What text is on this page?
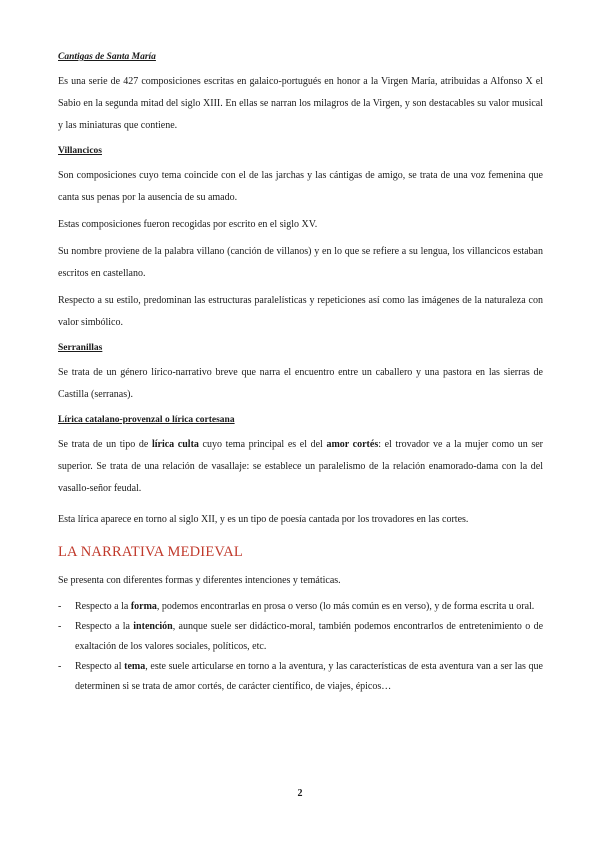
Cantigas de Santa María

Es una serie de 427 composiciones escritas en galaico-portugués en honor a la Virgen María, atribuidas a Alfonso X el Sabio en la segunda mitad del siglo XIII. En ellas se narran los milagros de la Virgen, y son destacables su valor musical y las miniaturas que contiene.

Villancicos

Son composiciones cuyo tema coincide con el de las jarchas y las cántigas de amigo, se trata de una voz femenina que canta sus penas por la ausencia de su amado.

Estas composiciones fueron recogidas por escrito en el siglo XV.

Su nombre proviene de la palabra villano (canción de villanos) y en lo que se refiere a su lengua, los villancicos estaban escritos en castellano.

Respecto a su estilo, predominan las estructuras paralelísticas y repeticiones así como las imágenes de la naturaleza con valor simbólico.

Serranillas

Se trata de un género lírico-narrativo breve que narra el encuentro entre un caballero y una pastora en las sierras de Castilla (serranas).

Lírica catalano-provenzal o lírica cortesana

Se trata de un tipo de lírica culta cuyo tema principal es el del amor cortés: el trovador ve a la mujer como un ser superior. Se trata de una relación de vasallaje: se establece un paralelismo de la relación enamorado-dama con la del vasallo-señor feudal.

Esta lírica aparece en torno al siglo XII, y es un tipo de poesía cantada por los trovadores en las cortes.

LA NARRATIVA MEDIEVAL

Se presenta con diferentes formas y diferentes intenciones y temáticas.

- Respecto a la forma, podemos encontrarlas en prosa o verso (lo más común es en verso), y de forma escrita u oral.
- Respecto a la intención, aunque suele ser didáctico-moral, también podemos encontrarlos de entretenimiento o de exaltación de los valores sociales, políticos, etc.
- Respecto al tema, este suele articularse en torno a la aventura, y las características de esta aventura van a ser las que determinen si se trata de amor cortés, de carácter científico, de viajes, épicos…
2
